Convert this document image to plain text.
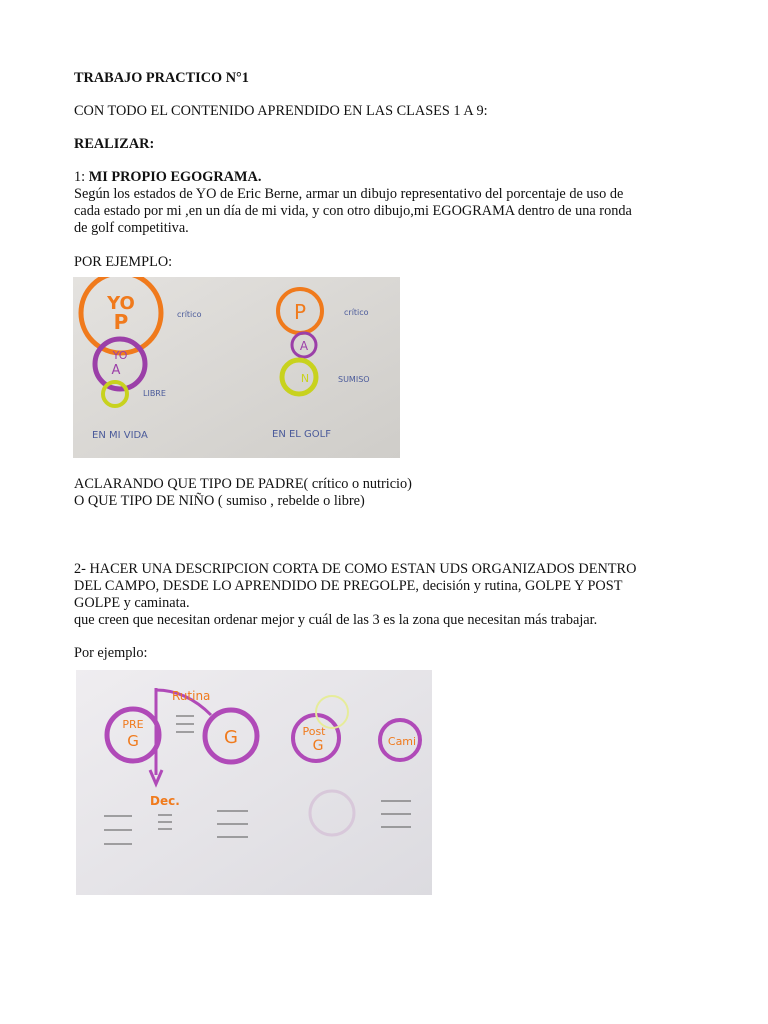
TRABAJO PRACTICO N°1
CON TODO EL CONTENIDO APRENDIDO EN LAS CLASES 1 A 9:
REALIZAR:
1: MI PROPIO EGOGRAMA.
Según los estados de YO de Eric Berne, armar un dibujo representativo del porcentaje de uso de
cada estado por mi ,en un día de mi vida, y con otro dibujo,mi EGOGRAMA dentro de una ronda
de golf competitiva.
POR EJEMPLO:
YO
P	crítico
YO
A
LIBRE
EN MI VIDA
P	crítico
A
N	SUMISO
EN EL GOLF
ACLARANDO QUE TIPO DE PADRE( crítico o nutricio)
O QUE TIPO DE NIÑO ( sumiso , rebelde o libre)
2- HACER UNA DESCRIPCION CORTA DE COMO ESTAN UDS ORGANIZADOS DENTRO
DEL CAMPO, DESDE LO APRENDIDO DE PREGOLPE, decisión y rutina, GOLPE Y POST
GOLPE y caminata.
que creen que necesitan ordenar mejor y cuál de las 3 es la zona que necesitan más trabajar.
Por ejemplo:
Rutina
PRE
G	G	Post
G	Cami
Dec.
